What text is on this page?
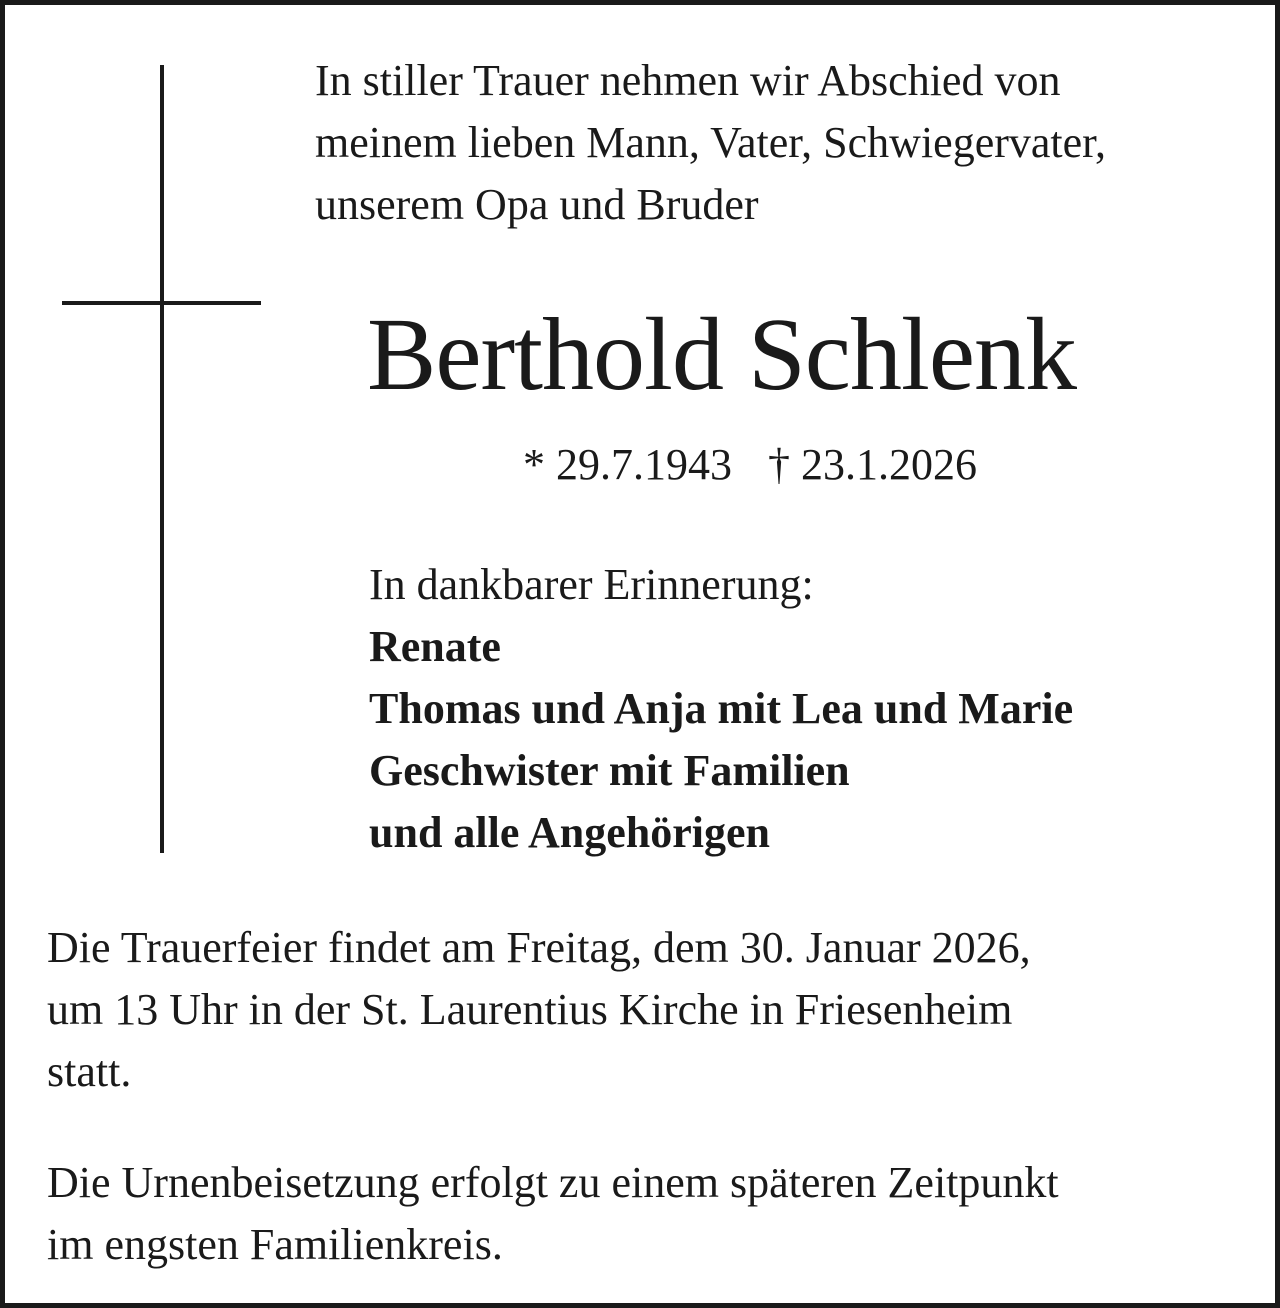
In stiller Trauer nehmen wir Abschied von
meinem lieben Mann, Vater, Schwiegervater,
unserem Opa und Bruder
Berthold Schlenk
* 29.7.1943 † 23.1.2026
In dankbarer Erinnerung:
Renate
Thomas und Anja mit Lea und Marie
Geschwister mit Familien
und alle Angehörigen
Die Trauerfeier findet am Freitag, dem 30. Januar 2026,
um 13 Uhr in der St. Laurentius Kirche in Friesenheim
statt.
Die Urnenbeisetzung erfolgt zu einem späteren Zeitpunkt
im engsten Familienkreis.
